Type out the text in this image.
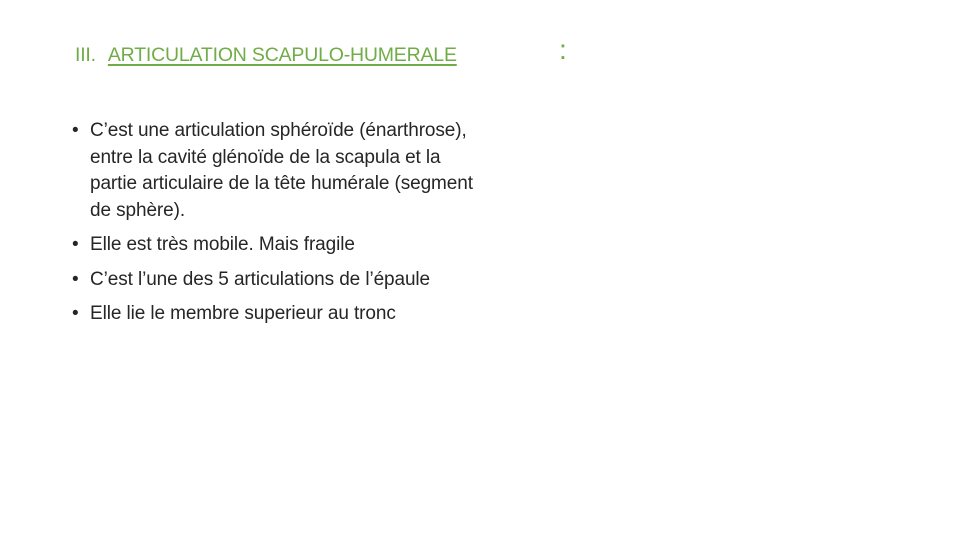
III. ARTICULATION SCAPULO-HUMERALE	:
• C’est une articulation sphéroïde (énarthrose), entre la cavité glénoïde de la scapula et la partie articulaire de la tête humérale (segment de sphère).
• Elle est très mobile. Mais fragile
• C’est l’une des 5 articulations de l’épaule
• Elle lie le membre superieur au tronc
